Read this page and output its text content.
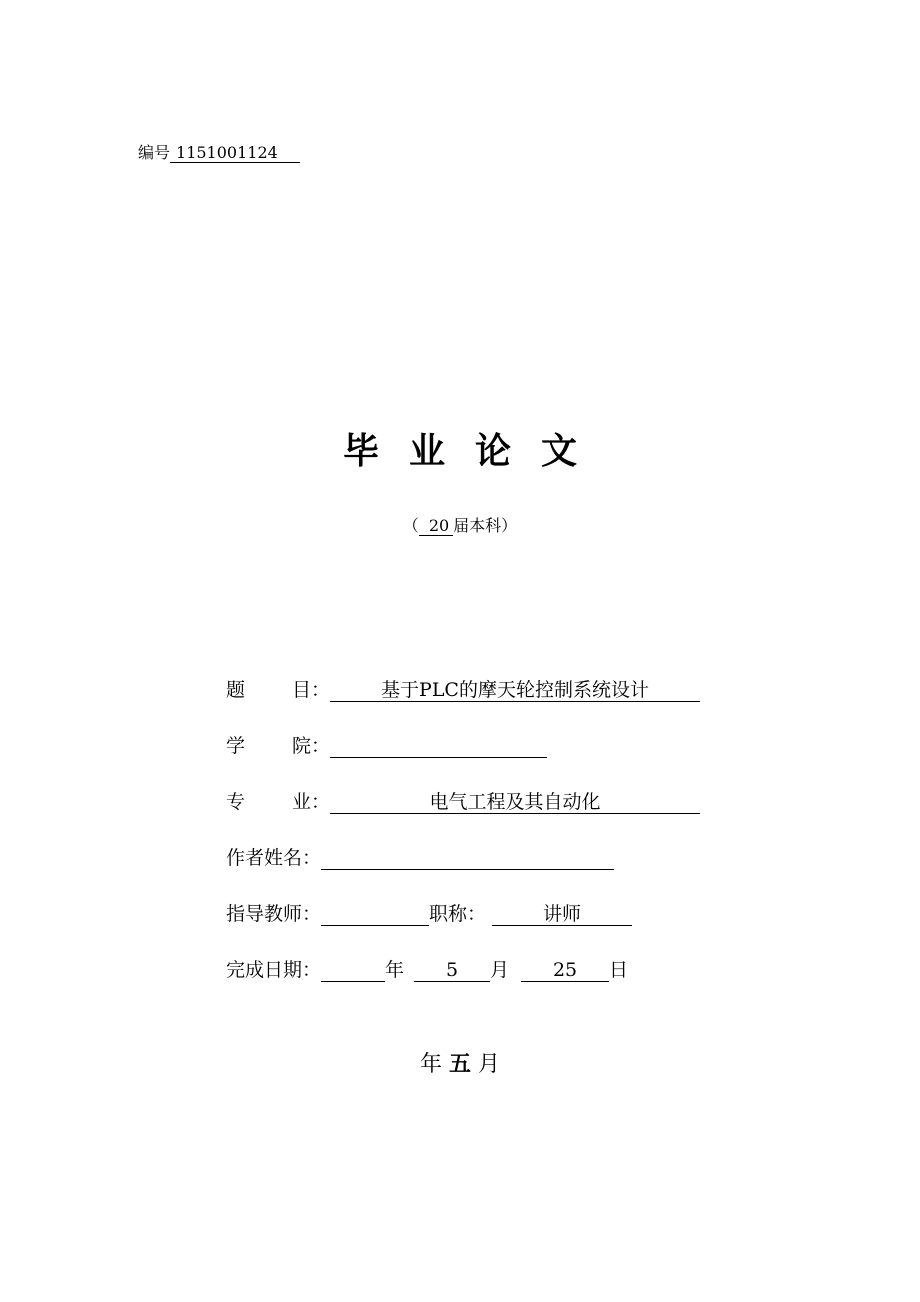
编号 1151001124
毕业论文
（ 20 届本科）
题 目：	基于PLC的摩天轮控制系统设计
学 院：
专 业：	电气工程及其自动化
作者姓名：
指导教师：	职称：	讲师
完成日期：	年 5 月 25 日
年 五 月
